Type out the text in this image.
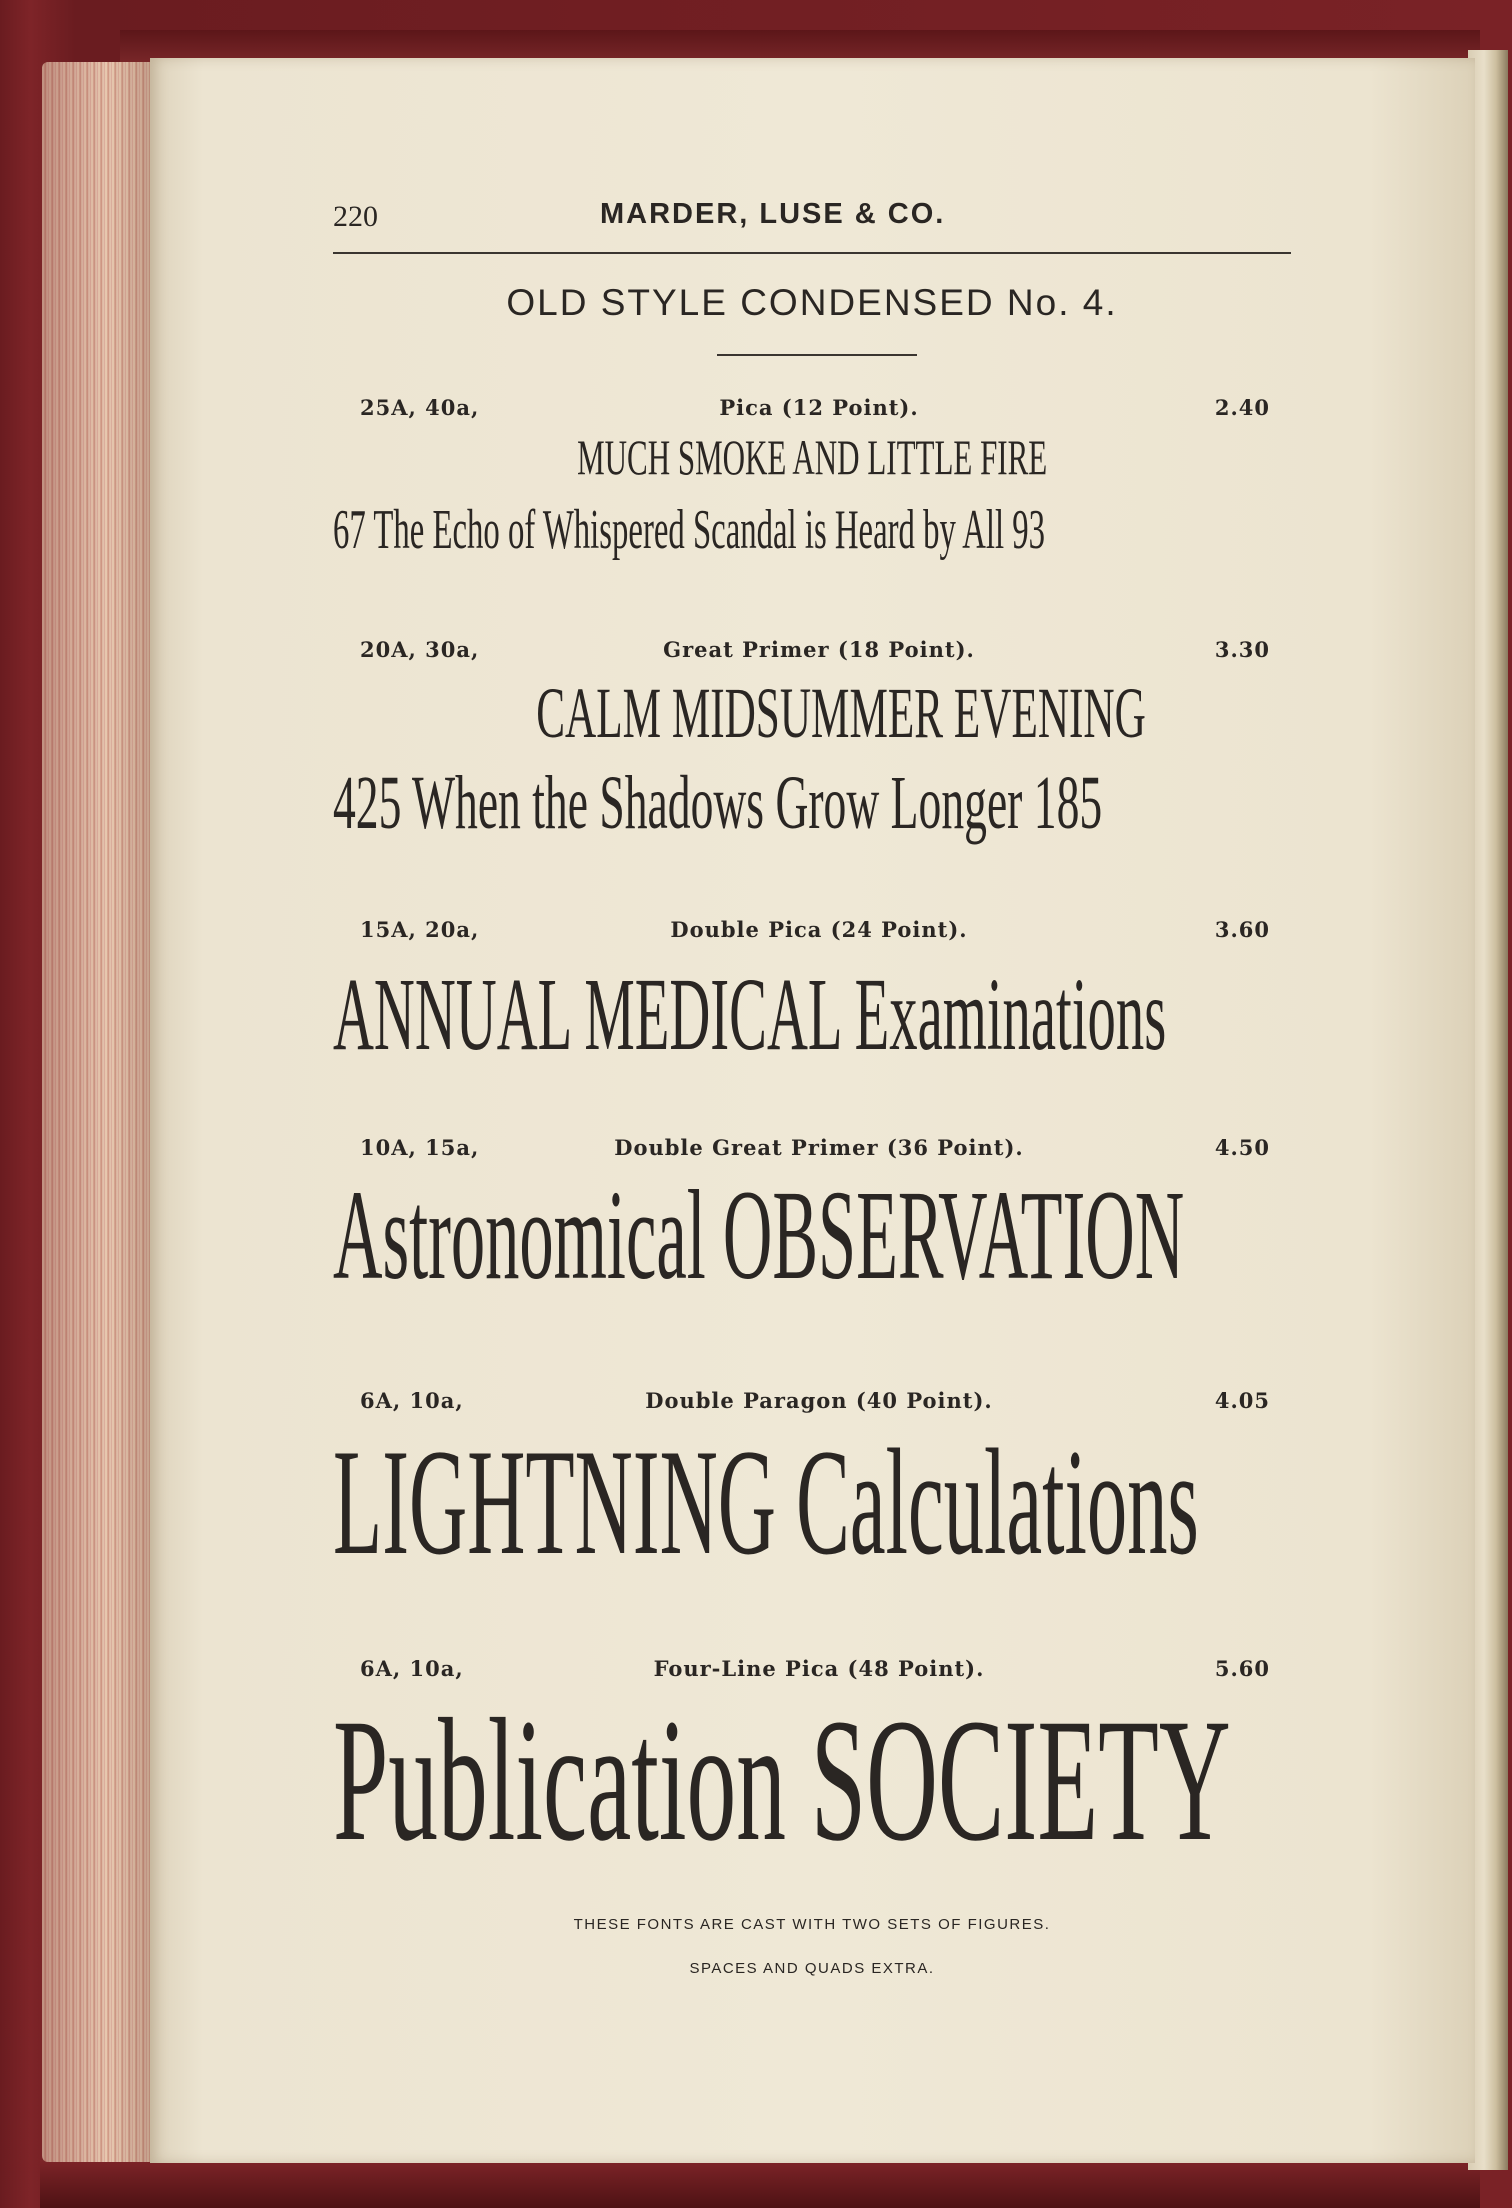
220	MARDER, LUSE & CO.
OLD STYLE CONDENSED No. 4.
25A, 40a,	Pica (12 Point).	2.40
MUCH SMOKE AND LITTLE FIRE
67 The Echo of Whispered Scandal is Heard by All 93
20A, 30a,	Great Primer (18 Point).	3.30
CALM MIDSUMMER EVENING
425 When the Shadows Grow Longer 185
15A, 20a,	Double Pica (24 Point).	3.60
ANNUAL MEDICAL Examinations
10A, 15a,	Double Great Primer (36 Point).	4.50
Astronomical OBSERVATION
6A, 10a,	Double Paragon (40 Point).	4.05
LIGHTNING Calculations
6A, 10a,	Four-Line Pica (48 Point).	5.60
Publication SOCIETY
THESE FONTS ARE CAST WITH TWO SETS OF FIGURES.
SPACES AND QUADS EXTRA.
